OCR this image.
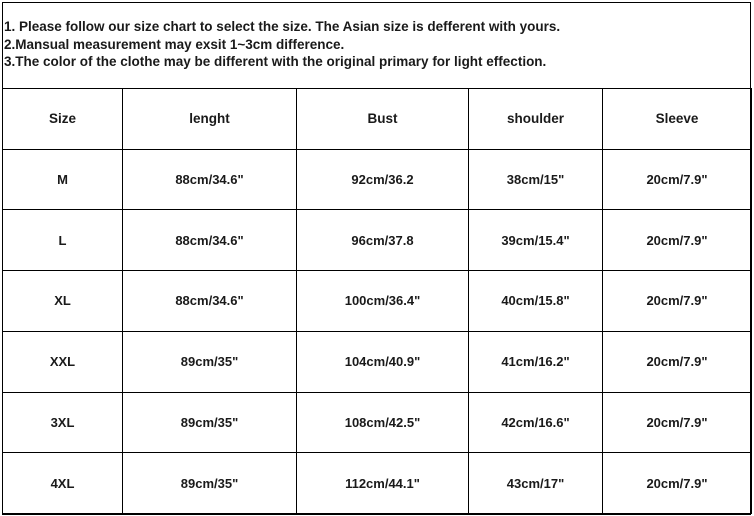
1. Please follow our size chart to select the size. The Asian size is defferent with yours.
2.Mansual measurement may exsit 1~3cm difference.
3.The color of the clothe may be different with the original primary for light effection.
Size	lenght	Bust	shoulder	Sleeve
M	88cm/34.6"	92cm/36.2	38cm/15"	20cm/7.9"
L	88cm/34.6"	96cm/37.8	39cm/15.4"	20cm/7.9"
XL	88cm/34.6"	100cm/36.4"	40cm/15.8"	20cm/7.9"
XXL	89cm/35"	104cm/40.9"	41cm/16.2"	20cm/7.9"
3XL	89cm/35"	108cm/42.5"	42cm/16.6"	20cm/7.9"
4XL	89cm/35"	112cm/44.1"	43cm/17"	20cm/7.9"
